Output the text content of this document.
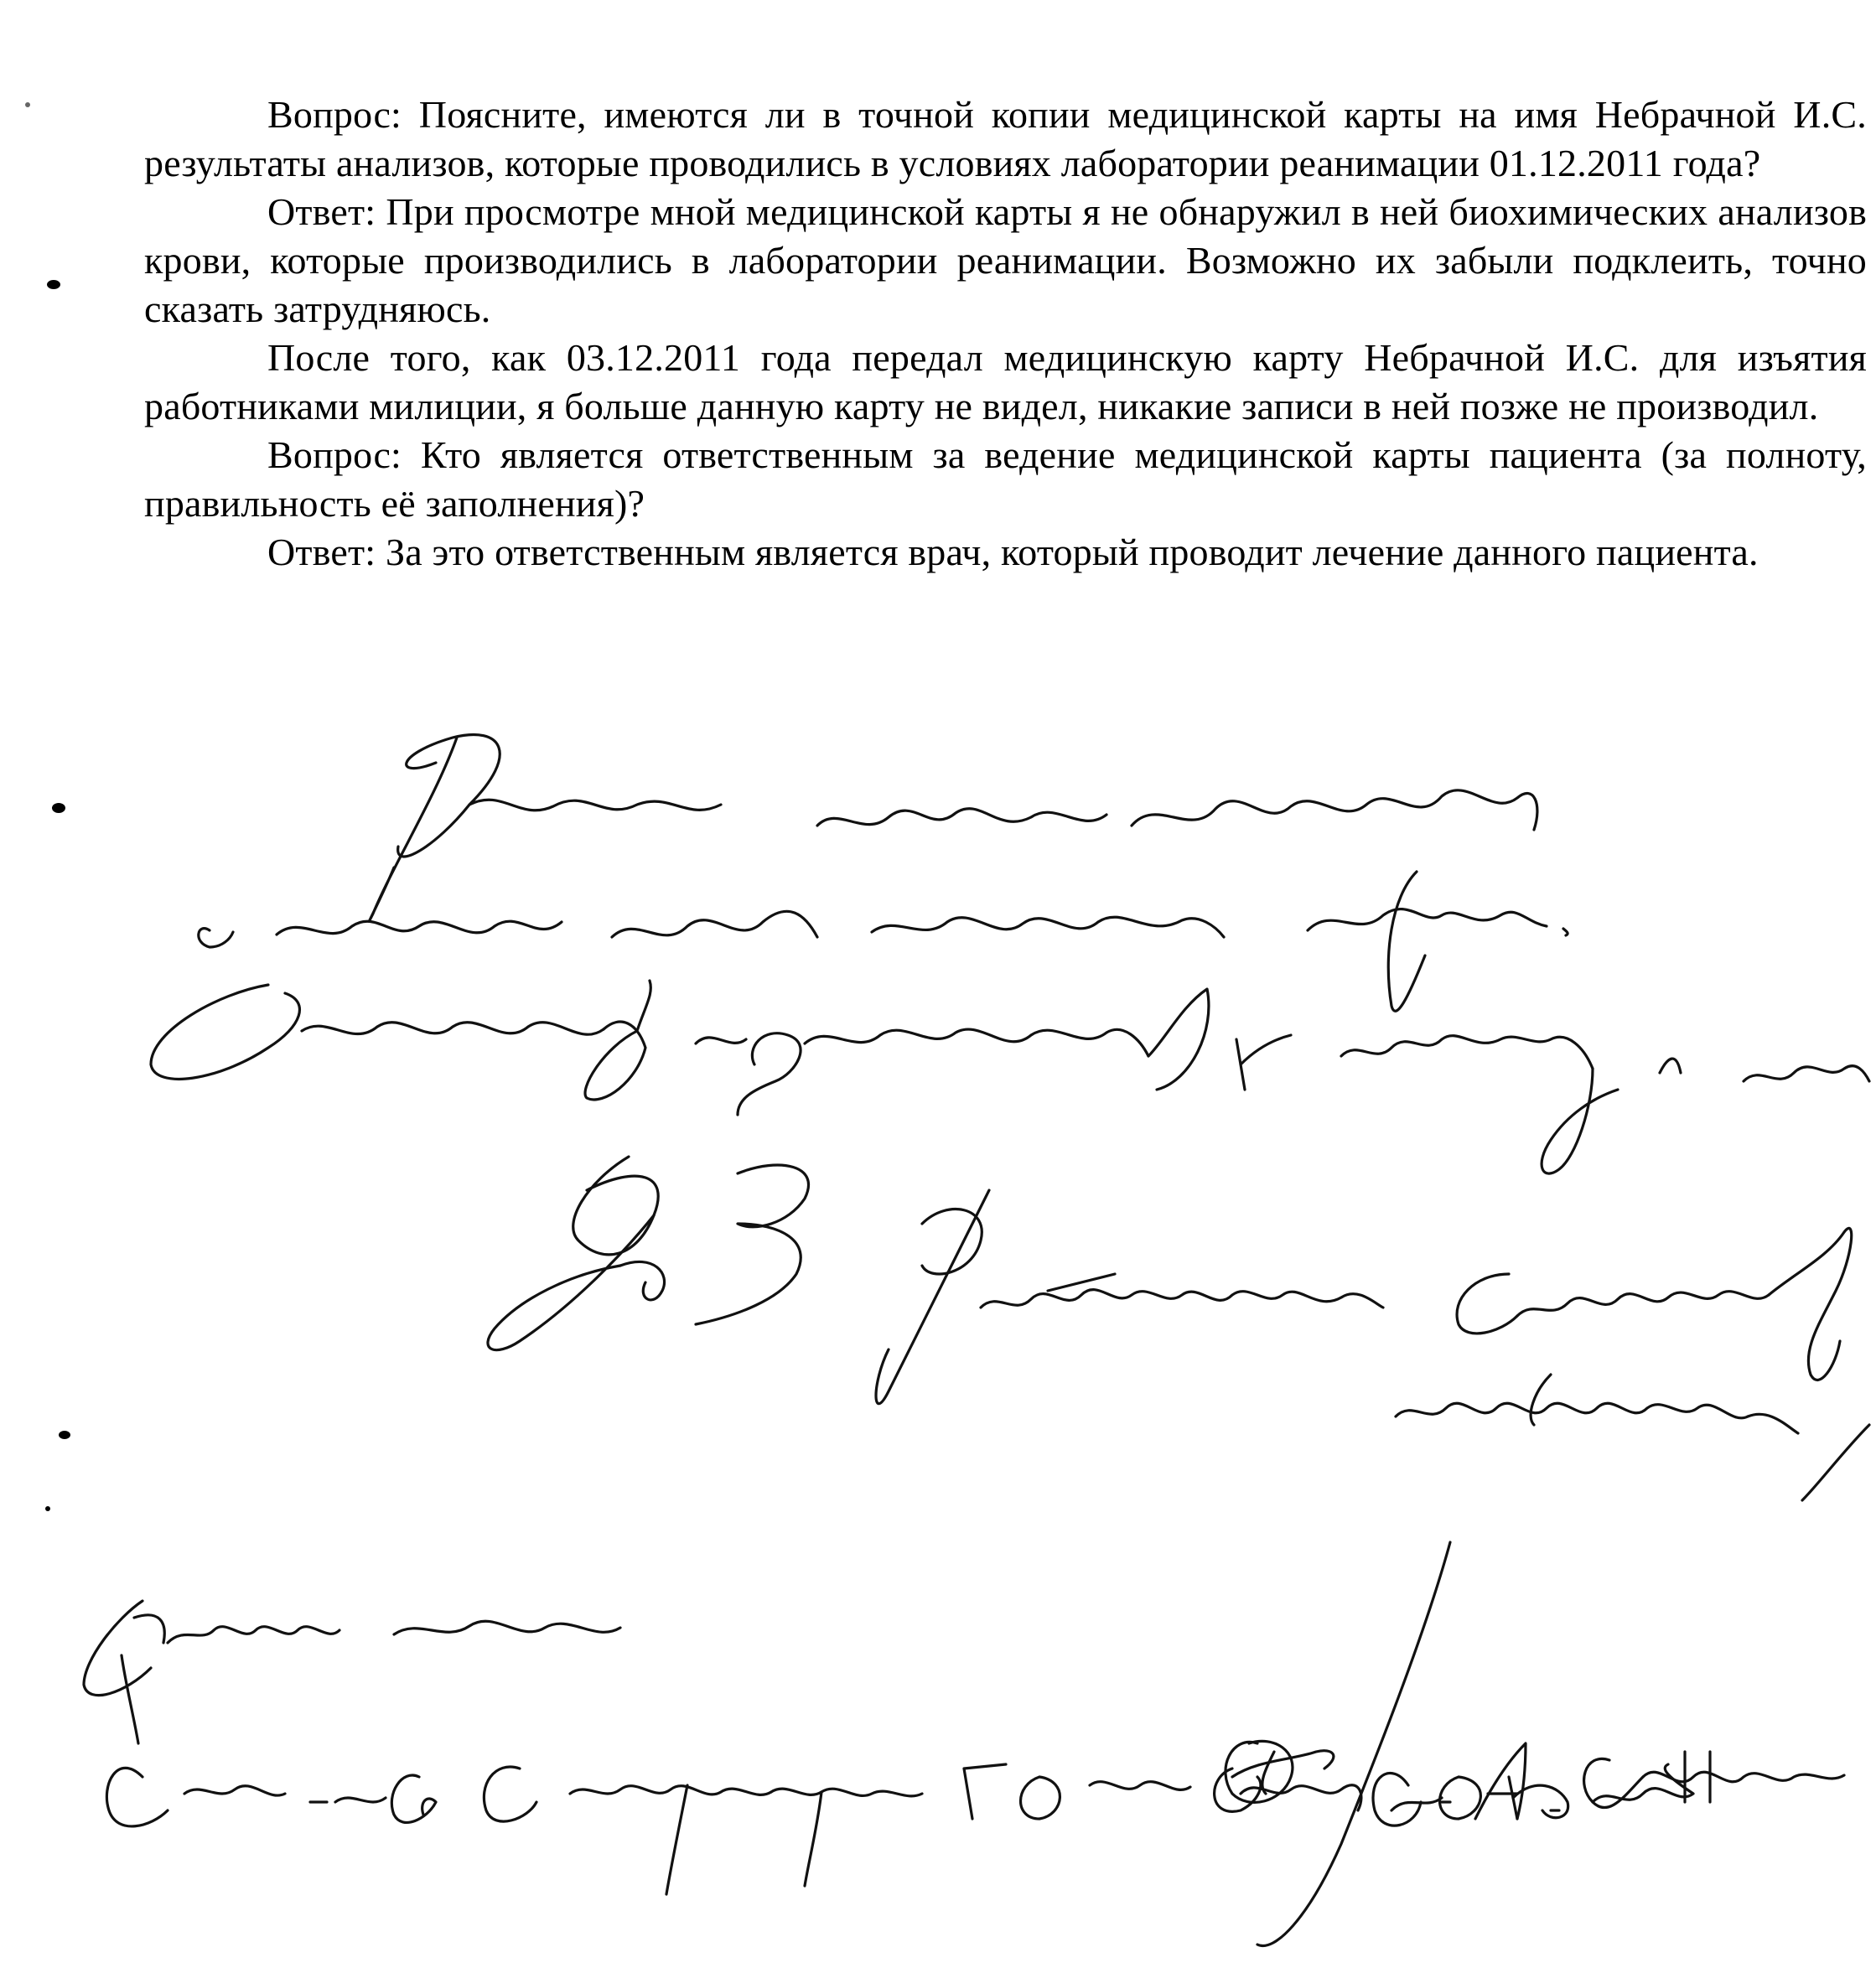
Вопрос: Поясните, имеются ли в точной копии медицинской карты на имя Небрачной И.С. результаты анализов, которые проводились в условиях лаборатории реанимации 01.12.2011 года?

Ответ: При просмотре мной медицинской карты я не обнаружил в ней биохимических анализов крови, которые производились в лаборатории реанимации. Возможно их забыли подклеить, точно сказать затрудняюсь.

После того, как 03.12.2011 года передал медицинскую карту Небрачной И.С. для изъятия работниками милиции, я больше данную карту не видел, никакие записи в ней позже не производил.

Вопрос: Кто является ответственным за ведение медицинской карты пациента (за полноту, правильность её заполнения)?

Ответ: За это ответственным является врач, который проводит лечение данного пациента.
